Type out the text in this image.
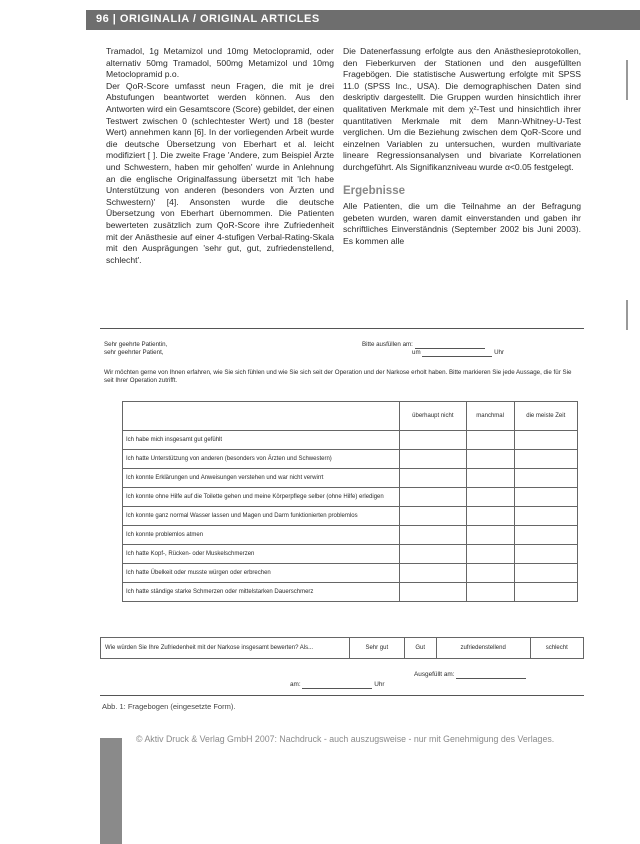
96 | ORIGINALIA / ORIGINAL ARTICLES

Tramadol, 1g Metamizol und 10mg Metoclopramid, oder alternativ 50mg Tramadol, 500mg Metamizol und 10mg Metoclopramid p.o.

Der QoR-Score umfasst neun Fragen, die mit je drei Abstufungen beantwortet werden können. Aus den Antworten wird ein Gesamtscore (Score) gebildet, der einen Testwert zwischen 0 (schlechtester Wert) und 18 (bester Wert) annehmen kann [6]. In der vorliegenden Arbeit wurde die deutsche Übersetzung von Eberhart et al. leicht modifiziert [ ]. Die zweite Frage 'Andere, zum Beispiel Ärzte und Schwestern, haben mir geholfen' wurde in Anlehnung an die englische Originalfassung übersetzt mit 'Ich habe Unterstützung von anderen (besonders von Ärzten und Schwestern)' [4]. Ansonsten wurde die deutsche Übersetzung von Eberhart übernommen. Die Patienten bewerteten zusätzlich zum QoR-Score ihre Zufriedenheit mit der Anästhesie auf einer 4-stufigen Verbal-Rating-Skala mit den Ausprägungen 'sehr gut, gut, zufriedenstellend, schlecht'.

Die Datenerfassung erfolgte aus den Anästhesieprotokollen, den Fieberkurven der Stationen und den ausgefüllten Fragebögen. Die statistische Auswertung erfolgte mit SPSS 11.0 (SPSS Inc., USA). Die demographischen Daten sind deskriptiv dargestellt. Die Gruppen wurden hinsichtlich ihrer qualitativen Merkmale mit dem χ²-Test und hinsichtlich ihrer quantitativen Merkmale mit dem Mann-Whitney-U-Test verglichen. Um die Beziehung zwischen dem QoR-Score und einzelnen Variablen zu untersuchen, wurden multivariate lineare Regressionsanalysen und bivariate Korrelationen durchgeführt. Als Signifikanzniveau wurde α<0.05 festgelegt.

Ergebnisse

Alle Patienten, die um die Teilnahme an der Befragung gebeten wurden, waren damit einverstanden und gaben ihr schriftliches Einverständnis (September 2002 bis Juni 2003). Es kommen alle

Sehr geehrte Patientin,
sehr geehrter Patient,
Bitte ausfüllen am:
um	Uhr
Wir möchten gerne von Ihnen erfahren, wie Sie sich fühlen und wie Sie sich seit der Operation und der Narkose erholt haben. Bitte markieren Sie jede Aussage, die für Sie seit Ihrer Operation zutrifft.
	überhaupt nicht	manchmal	die meiste Zeit
Ich habe mich insgesamt gut gefühlt			
Ich hatte Unterstützung von anderen (besonders von Ärzten und Schwestern)			
Ich konnte Erklärungen und Anweisungen verstehen und war nicht verwirrt			
Ich konnte ohne Hilfe auf die Toilette gehen und meine Körperpflege selber (ohne Hilfe) erledigen			
Ich konnte ganz normal Wasser lassen und Magen und Darm funktionierten problemlos			
Ich konnte problemlos atmen			
Ich hatte Kopf-, Rücken- oder Muskelschmerzen			
Ich hatte Übelkeit oder musste würgen oder erbrechen			
Ich hatte ständige starke Schmerzen oder mittelstarken Dauerschmerz			
Wie würden Sie Ihre Zufriedenheit mit der Narkose insgesamt bewerten? Als...	Sehr gut	Gut	zufriedenstellend	schlecht
Ausgefüllt am:
am:	Uhr
Abb. 1: Fragebogen (eingesetzte Form).
© Aktiv Druck & Verlag GmbH 2007: Nachdruck - auch auszugsweise - nur mit Genehmigung des Verlages.
